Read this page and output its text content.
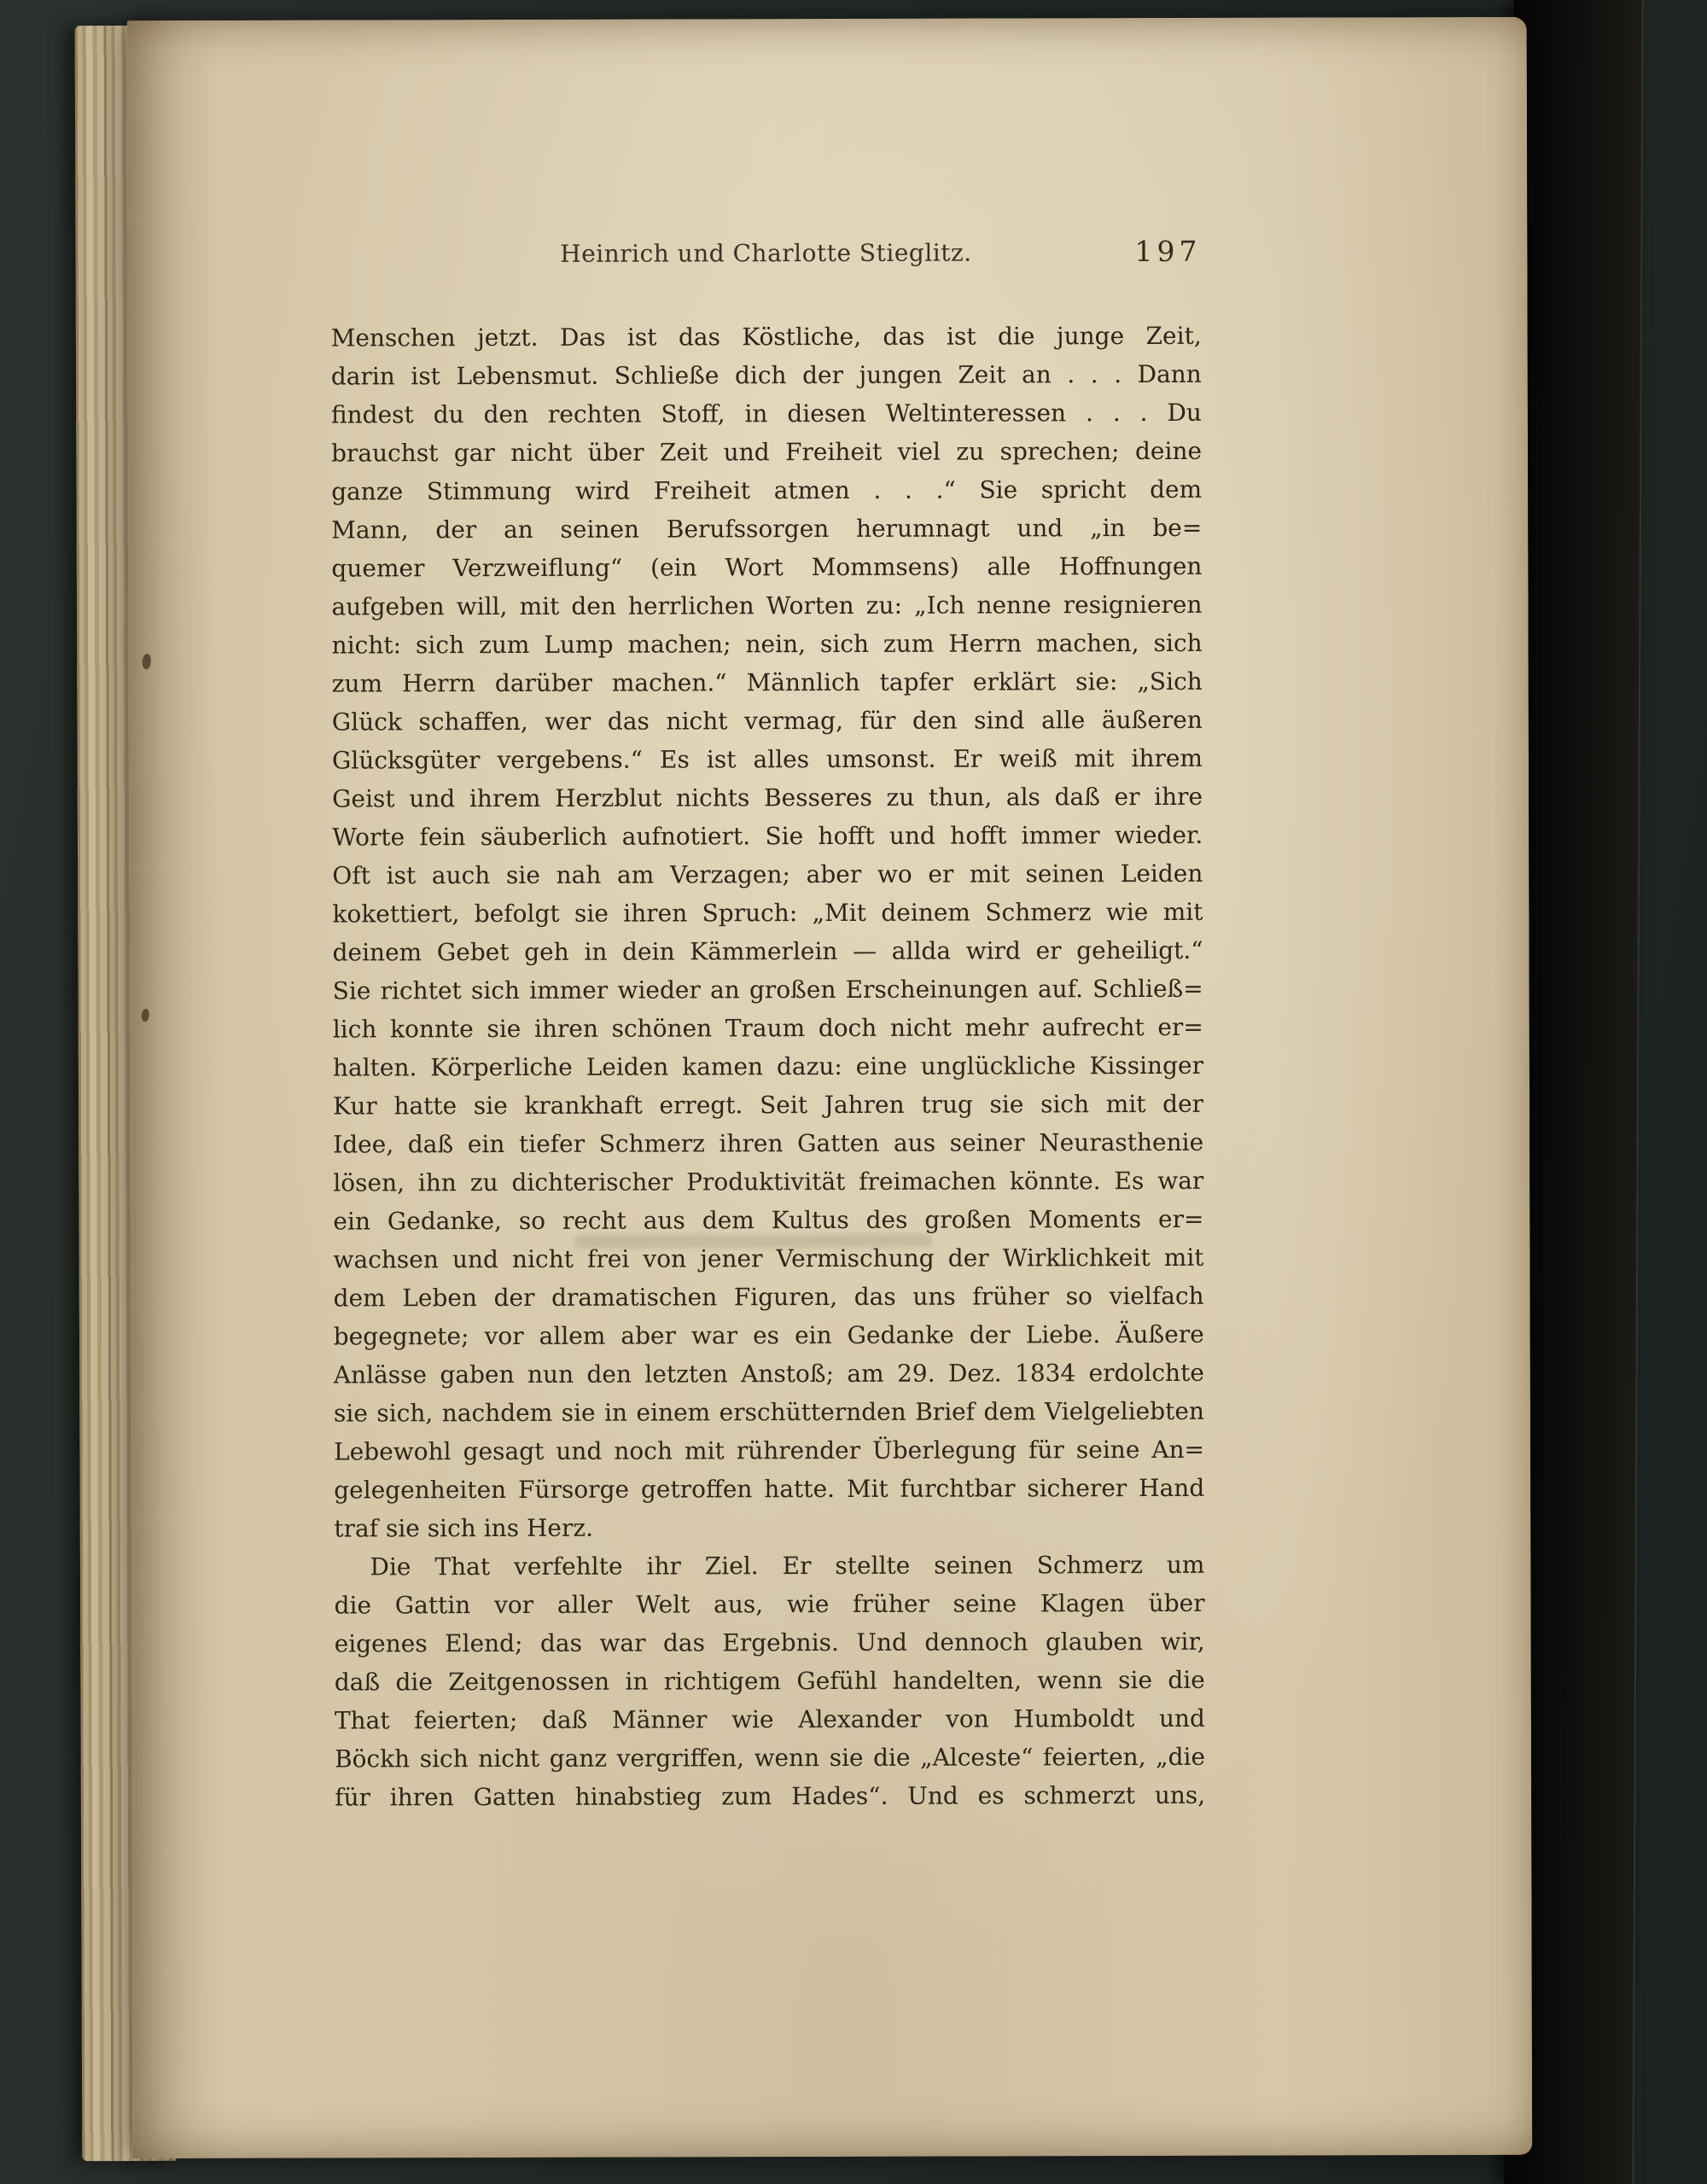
Heinrich und Charlotte Stieglitz.	197
Menschen jetzt. Das ist das Köstliche, das ist die junge Zeit,
darin ist Lebensmut. Schließe dich der jungen Zeit an . . . Dann
findest du den rechten Stoff, in diesen Weltinteressen . . . Du
brauchst gar nicht über Zeit und Freiheit viel zu sprechen; deine
ganze Stimmung wird Freiheit atmen . . .“ Sie spricht dem
Mann, der an seinen Berufssorgen herumnagt und „in be=
quemer Verzweiflung“ (ein Wort Mommsens) alle Hoffnungen
aufgeben will, mit den herrlichen Worten zu: „Ich nenne resignieren
nicht: sich zum Lump machen; nein, sich zum Herrn machen, sich
zum Herrn darüber machen.“ Männlich tapfer erklärt sie: „Sich
Glück schaffen, wer das nicht vermag, für den sind alle äußeren
Glücksgüter vergebens.“ Es ist alles umsonst. Er weiß mit ihrem
Geist und ihrem Herzblut nichts Besseres zu thun, als daß er ihre
Worte fein säuberlich aufnotiert. Sie hofft und hofft immer wieder.
Oft ist auch sie nah am Verzagen; aber wo er mit seinen Leiden
kokettiert, befolgt sie ihren Spruch: „Mit deinem Schmerz wie mit
deinem Gebet geh in dein Kämmerlein — allda wird er geheiligt.“
Sie richtet sich immer wieder an großen Erscheinungen auf. Schließ=
lich konnte sie ihren schönen Traum doch nicht mehr aufrecht er=
halten. Körperliche Leiden kamen dazu: eine unglückliche Kissinger
Kur hatte sie krankhaft erregt. Seit Jahren trug sie sich mit der
Idee, daß ein tiefer Schmerz ihren Gatten aus seiner Neurasthenie
lösen, ihn zu dichterischer Produktivität freimachen könnte. Es war
ein Gedanke, so recht aus dem Kultus des großen Moments er=
wachsen und nicht frei von jener Vermischung der Wirklichkeit mit
dem Leben der dramatischen Figuren, das uns früher so vielfach
begegnete; vor allem aber war es ein Gedanke der Liebe. Äußere
Anlässe gaben nun den letzten Anstoß; am 29. Dez. 1834 erdolchte
sie sich, nachdem sie in einem erschütternden Brief dem Vielgeliebten
Lebewohl gesagt und noch mit rührender Überlegung für seine An=
gelegenheiten Fürsorge getroffen hatte. Mit furchtbar sicherer Hand
traf sie sich ins Herz.
Die That verfehlte ihr Ziel. Er stellte seinen Schmerz um
die Gattin vor aller Welt aus, wie früher seine Klagen über
eigenes Elend; das war das Ergebnis. Und dennoch glauben wir,
daß die Zeitgenossen in richtigem Gefühl handelten, wenn sie die
That feierten; daß Männer wie Alexander von Humboldt und
Böckh sich nicht ganz vergriffen, wenn sie die „Alceste“ feierten, „die
für ihren Gatten hinabstieg zum Hades“. Und es schmerzt uns,
